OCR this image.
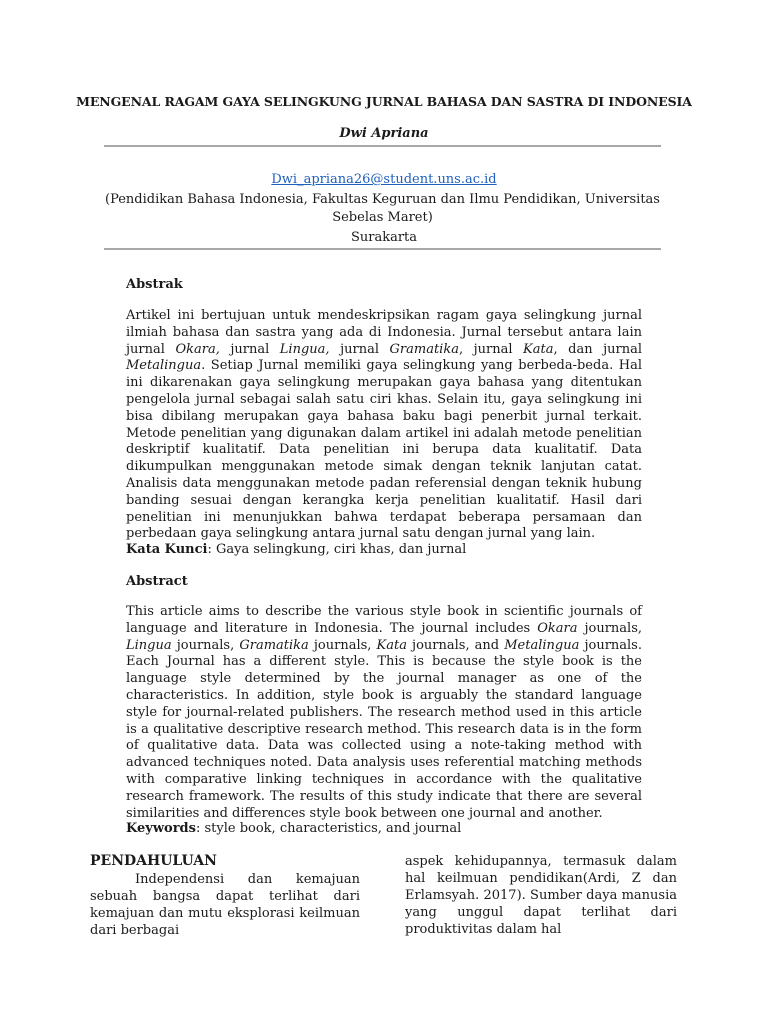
MENGENAL RAGAM GAYA SELINGKUNG JURNAL BAHASA DAN SASTRA DI INDONESIA
Dwi Apriana
Dwi_apriana26@student.uns.ac.id
(Pendidikan Bahasa Indonesia, Fakultas Keguruan dan Ilmu Pendidikan, Universitas Sebelas Maret)
Surakarta
Abstrak
Artikel ini bertujuan untuk mendeskripsikan ragam gaya selingkung jurnal ilmiah bahasa dan sastra yang ada di Indonesia. Jurnal tersebut antara lain jurnal Okara, jurnal Lingua, jurnal Gramatika, jurnal Kata, dan jurnal Metalingua. Setiap Jurnal memiliki gaya selingkung yang berbeda-beda. Hal ini dikarenakan gaya selingkung merupakan gaya bahasa yang ditentukan pengelola jurnal sebagai salah satu ciri khas. Selain itu, gaya selingkung ini bisa dibilang merupakan gaya bahasa baku bagi penerbit jurnal terkait. Metode penelitian yang digunakan dalam artikel ini adalah metode penelitian deskriptif kualitatif. Data penelitian ini berupa data kualitatif. Data dikumpulkan menggunakan metode simak dengan teknik lanjutan catat. Analisis data menggunakan metode padan referensial dengan teknik hubung banding sesuai dengan kerangka kerja penelitian kualitatif. Hasil dari penelitian ini menunjukkan bahwa terdapat beberapa persamaan dan perbedaan gaya selingkung antara jurnal satu dengan jurnal yang lain.
Kata Kunci: Gaya selingkung, ciri khas, dan jurnal
Abstract
This article aims to describe the various style book in scientific journals of language and literature in Indonesia. The journal includes Okara journals, Lingua journals, Gramatika journals, Kata journals, and Metalingua journals. Each Journal has a different style. This is because the style book is the language style determined by the journal manager as one of the characteristics. In addition, style book is arguably the standard language style for journal-related publishers. The research method used in this article is a qualitative descriptive research method. This research data is in the form of qualitative data. Data was collected using a note-taking method with advanced techniques noted. Data analysis uses referential matching methods with comparative linking techniques in accordance with the qualitative research framework. The results of this study indicate that there are several similarities and differences style book between one journal and another.
Keywords: style book, characteristics, and journal
PENDAHULUAN
Independensi dan kemajuan sebuah bangsa dapat terlihat dari kemajuan dan mutu eksplorasi keilmuan dari berbagai
aspek kehidupannya, termasuk dalam hal keilmuan pendidikan(Ardi, Z dan Erlamsyah. 2017). Sumber daya manusia yang unggul dapat terlihat dari produktivitas dalam hal
